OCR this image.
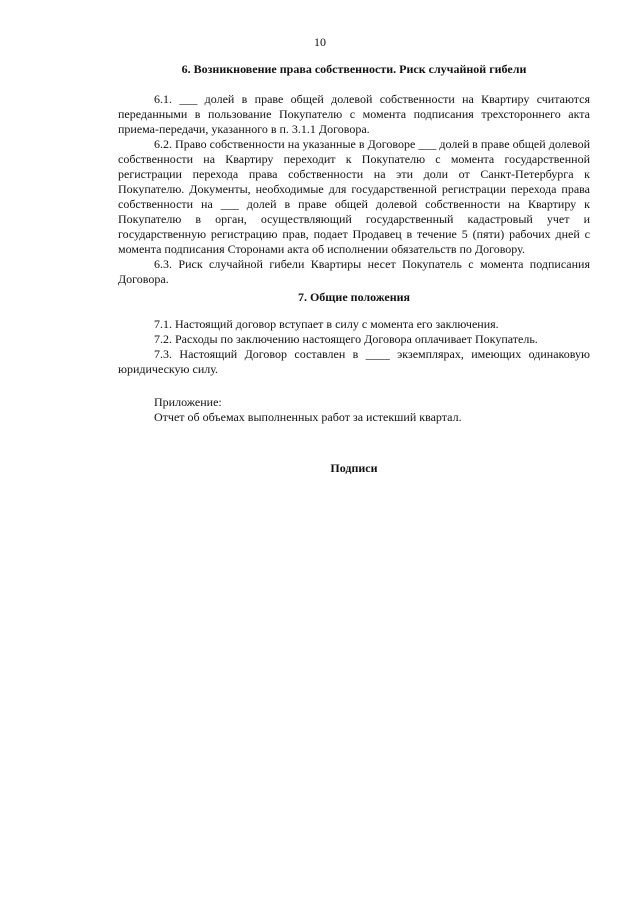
10

6. Возникновение права собственности. Риск случайной гибели

6.1. ___ долей в праве общей долевой собственности на Квартиру считаются переданными в пользование Покупателю с момента подписания трехстороннего акта приема-передачи, указанного в п. 3.1.1 Договора.

6.2. Право собственности на указанные в Договоре ___ долей в праве общей долевой собственности на Квартиру переходит к Покупателю с момента государственной регистрации перехода права собственности на эти доли от Санкт-Петербурга к Покупателю. Документы, необходимые для государственной регистрации перехода права собственности на ___ долей в праве общей долевой собственности на Квартиру к Покупателю в орган, осуществляющий государственный кадастровый учет и государственную регистрацию прав, подает Продавец в течение 5 (пяти) рабочих дней с момента подписания Сторонами акта об исполнении обязательств по Договору.

6.3. Риск случайной гибели Квартиры несет Покупатель с момента подписания Договора.

7. Общие положения

7.1. Настоящий договор вступает в силу с момента его заключения.

7.2. Расходы по заключению настоящего Договора оплачивает Покупатель.

7.3. Настоящий Договор составлен в ____ экземплярах, имеющих одинаковую юридическую силу.

Приложение:

Отчет об объемах выполненных работ за истекший квартал.

Подписи
